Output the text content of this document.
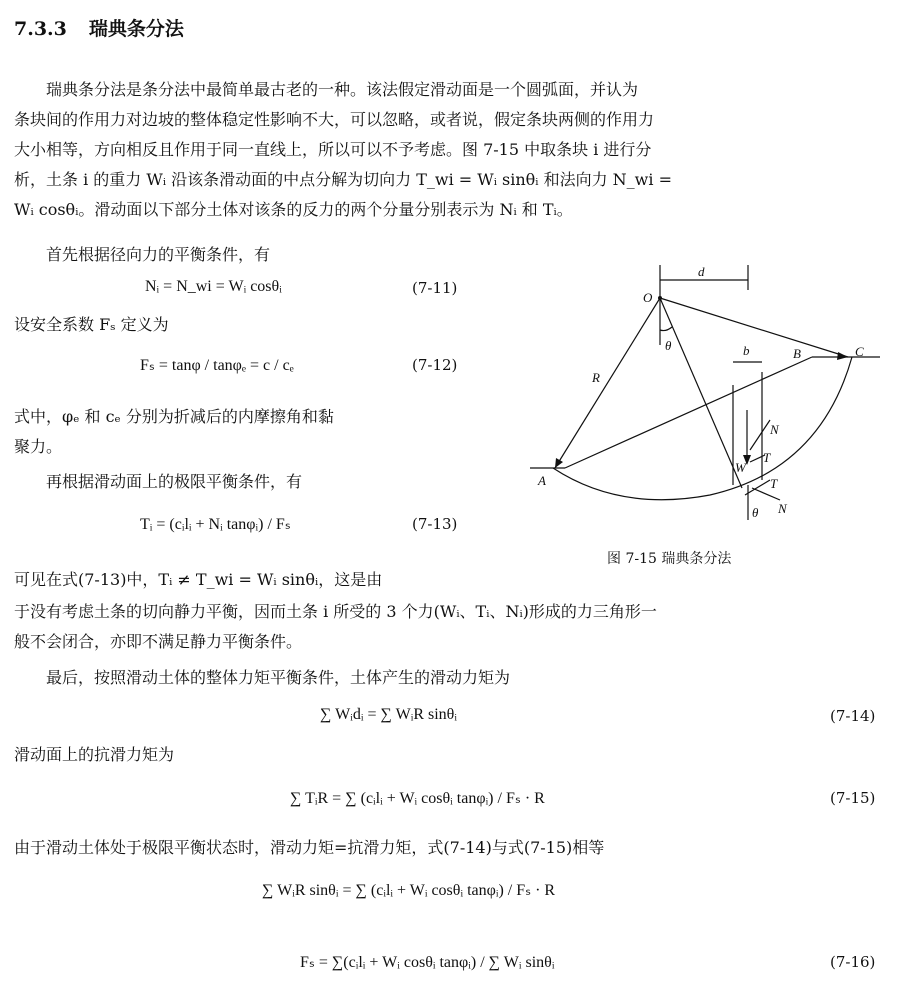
7.3.3 瑞典条分法
瑞典条分法是条分法中最简单最古老的一种。该法假定滑动面是一个圆弧面，并认为
条块间的作用力对边坡的整体稳定性影响不大，可以忽略，或者说，假定条块两侧的作用力
大小相等，方向相反且作用于同一直线上，所以可以不予考虑。图 7-15 中取条块 i 进行分
析，土条 i 的重力 Wᵢ 沿该条滑动面的中点分解为切向力 T_wi = Wᵢ sinθᵢ 和法向力 N_wi =
Wᵢ cosθᵢ。滑动面以下部分土体对该条的反力的两个分量分别表示为 Nᵢ 和 Tᵢ。
首先根据径向力的平衡条件，有
Nᵢ = N_wi = Wᵢ cosθᵢ	(7-11)
设安全系数 Fₛ 定义为
Fₛ = tanφ / tanφₑ = c / cₑ	(7-12)
式中，φₑ 和 cₑ 分别为折减后的内摩擦角和黏
聚力。
再根据滑动面上的极限平衡条件，有
Tᵢ = (cᵢlᵢ + Nᵢ tanφᵢ) / Fₛ	(7-13)
可见在式(7-13)中，Tᵢ ≠ T_wi = Wᵢ sinθᵢ，这是由
于没有考虑土条的切向静力平衡，因而土条 i 所受的 3 个力(Wᵢ、Tᵢ、Nᵢ)形成的力三角形一
般不会闭合，亦即不满足静力平衡条件。
最后，按照滑动土体的整体力矩平衡条件，土体产生的滑动力矩为
∑ Wᵢdᵢ = ∑ WᵢR sinθᵢ	(7-14)
滑动面上的抗滑力矩为
∑ TᵢR = ∑ (cᵢlᵢ + Wᵢ cosθᵢ tanφᵢ) / Fₛ · R	(7-15)
由于滑动土体处于极限平衡状态时，滑动力矩=抗滑力矩，式(7-14)与式(7-15)相等
∑ WᵢR sinθᵢ = ∑ (cᵢlᵢ + Wᵢ cosθᵢ tanφᵢ) / Fₛ · R
Fₛ = ∑(cᵢlᵢ + Wᵢ cosθᵢ tanφᵢ) / ∑ Wᵢ sinθᵢ	(7-16)
O
d
R
θ	b	B	C
A
N
T
W
T
N
θ
图 7-15 瑞典条分法
